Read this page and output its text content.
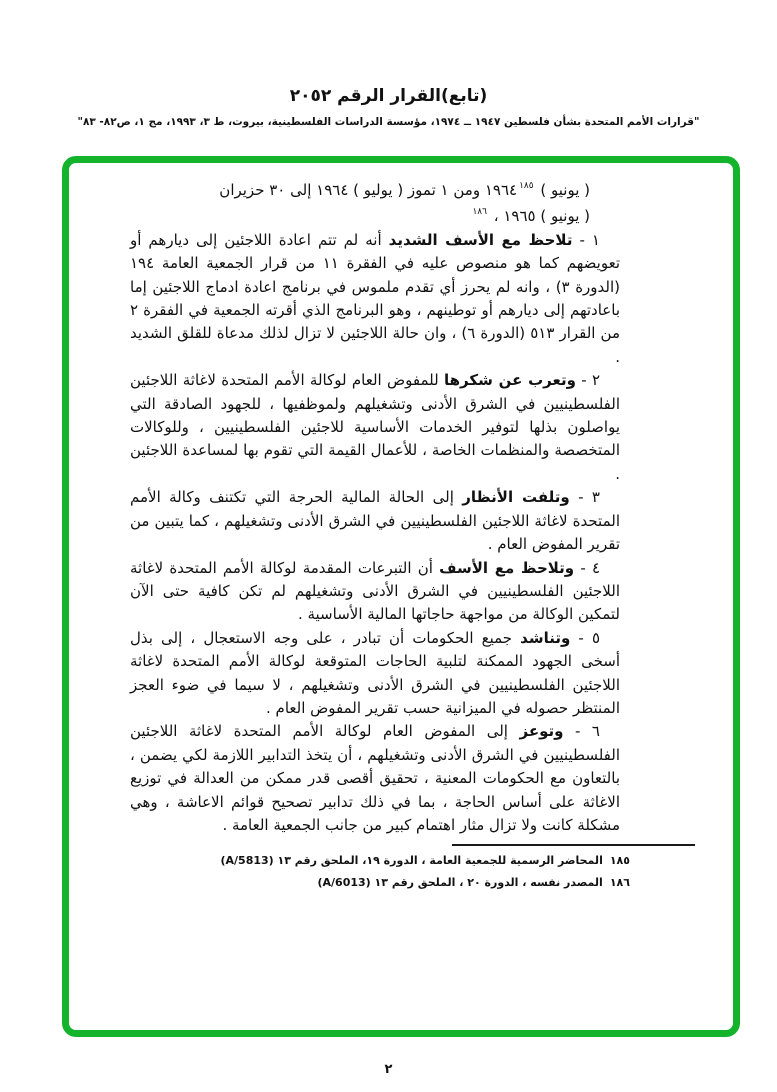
(تابع)القرار الرقم ٢٠٥٢
"قرارات الأمم المتحدة بشأن فلسطين ١٩٤٧ ــ ١٩٧٤، مؤسسة الدراسات الفلسطينية، بيروت، ط ٣، ١٩٩٣، مج ١، ص٨٢- ٨٣"
( يونيو ) ١٩٦٤$^{١٨٥}$ ومن ١ تموز ( يوليو ) ١٩٦٤ إلى ٣٠ حزيران
( يونيو ) ١٩٦٥ ، $^{١٨٦}$

١ - تلاحظ مع الأسف الشديد أنه لم تتم اعادة اللاجئين إلى ديارهم أو تعويضهم كما هو منصوص عليه في الفقرة ١١ من قرار الجمعية العامة ١٩٤ (الدورة ٣) ، وانه لم يحرز أي تقدم ملموس في برنامج اعادة ادماج اللاجئين إما باعادتهم إلى ديارهم أو توطينهم ، وهو البرنامج الذي أقرته الجمعية في الفقرة ٢ من القرار ٥١٣ (الدورة ٦) ، وان حالة اللاجئين لا تزال لذلك مدعاة للقلق الشديد .

٢ - وتعرب عن شكرها للمفوض العام لوكالة الأمم المتحدة لاغاثة اللاجئين الفلسطينيين في الشرق الأدنى وتشغيلهم ولموظفيها ، للجهود الصادقة التي يواصلون بذلها لتوفير الخدمات الأساسية للاجئين الفلسطينيين ، وللوكالات المتخصصة والمنظمات الخاصة ، للأعمال القيمة التي تقوم بها لمساعدة اللاجئين .

٣ - وتلفت الأنظار إلى الحالة المالية الحرجة التي تكتنف وكالة الأمم المتحدة لاغاثة اللاجئين الفلسطينيين في الشرق الأدنى وتشغيلهم ، كما يتبين من تقرير المفوض العام .

٤ - وتلاحظ مع الأسف أن التبرعات المقدمة لوكالة الأمم المتحدة لاغاثة اللاجئين الفلسطينيين في الشرق الأدنى وتشغيلهم لم تكن كافية حتى الآن لتمكين الوكالة من مواجهة حاجاتها المالية الأساسية .

٥ - وتناشد جميع الحكومات أن تبادر ، على وجه الاستعجال ، إلى بذل أسخى الجهود الممكنة لتلبية الحاجات المتوقعة لوكالة الأمم المتحدة لاغاثة اللاجئين الفلسطينيين في الشرق الأدنى وتشغيلهم ، لا سيما في ضوء العجز المنتظر حصوله في الميزانية حسب تقرير المفوض العام .

٦ - وتوعز إلى المفوض العام لوكالة الأمم المتحدة لاغاثة اللاجئين الفلسطينيين في الشرق الأدنى وتشغيلهم ، أن يتخذ التدابير اللازمة لكي يضمن ، بالتعاون مع الحكومات المعنية ، تحقيق أقصى قدر ممكن من العدالة في توزيع الاغاثة على أساس الحاجة ، بما في ذلك تدابير تصحيح قوائم الاعاشة ، وهي مشكلة كانت ولا تزال مثار اهتمام كبير من جانب الجمعية العامة .

١٨٥المحاضر الرسمية للجمعية العامة ، الدورة ١٩، الملحق رقم ١٣ (A/5813)
١٨٦المصدر نفسه ، الدورة ٢٠ ، الملحق رقم ١٣ (A/6013)
٢
